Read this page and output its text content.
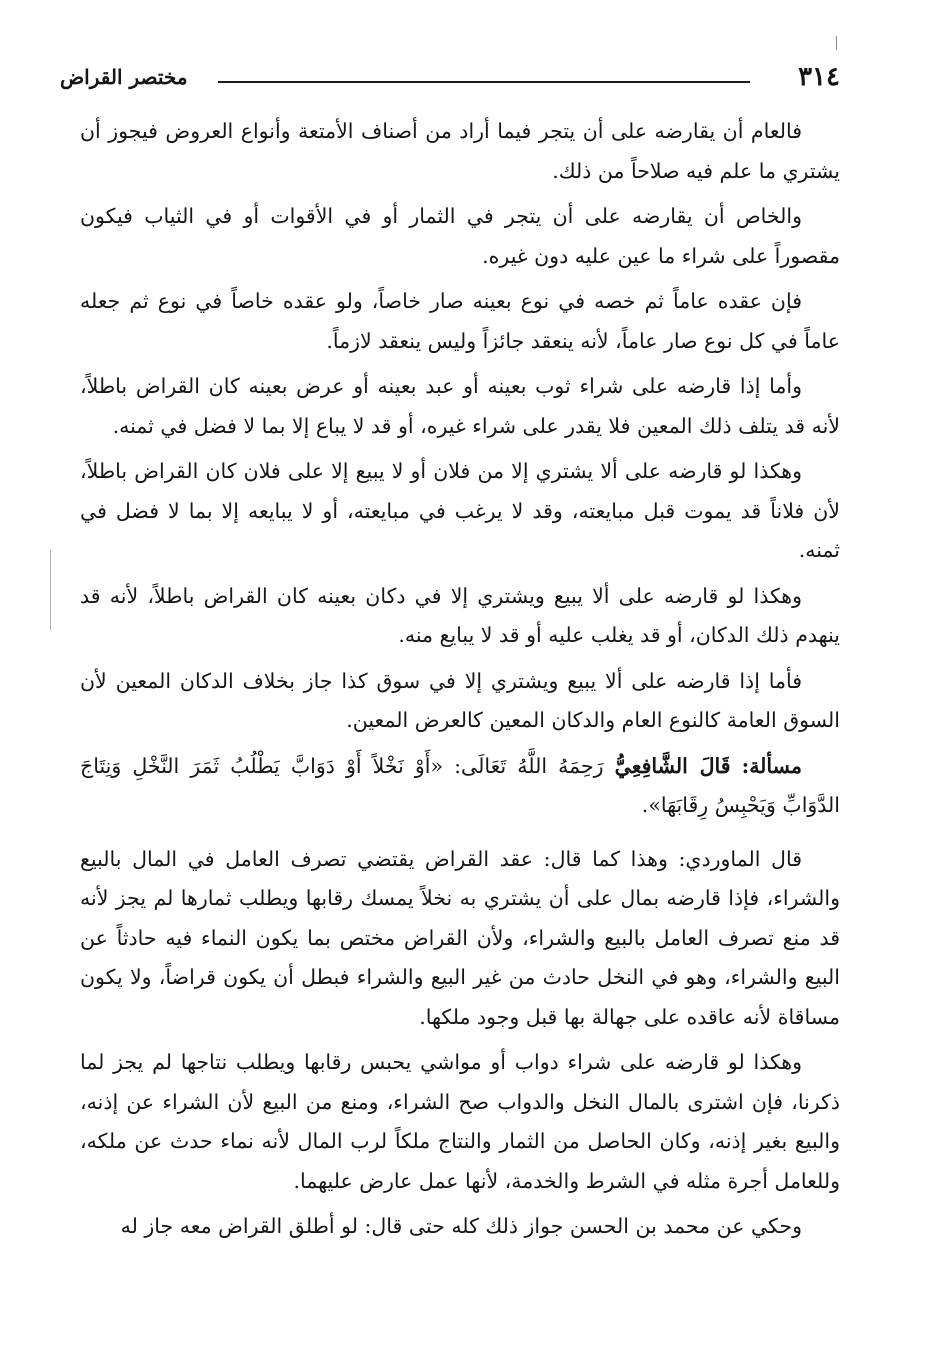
٣١٤
مختصر القراض

فالعام أن يقارضه على أن يتجر فيما أراد من أصناف الأمتعة وأنواع العروض فيجوز أن يشتري ما علم فيه صلاحاً من ذلك.

والخاص أن يقارضه على أن يتجر في الثمار أو في الأقوات أو في الثياب فيكون مقصوراً على شراء ما عين عليه دون غيره.

فإن عقده عاماً ثم خصه في نوع بعينه صار خاصاً، ولو عقده خاصاً في نوع ثم جعله عاماً في كل نوع صار عاماً، لأنه ينعقد جائزاً وليس ينعقد لازماً.

وأما إذا قارضه على شراء ثوب بعينه أو عبد بعينه أو عرض بعينه كان القراض باطلاً، لأنه قد يتلف ذلك المعين فلا يقدر على شراء غيره، أو قد لا يباع إلا بما لا فضل في ثمنه.

وهكذا لو قارضه على ألا يشتري إلا من فلان أو لا يبيع إلا على فلان كان القراض باطلاً، لأن فلاناً قد يموت قبل مبايعته، وقد لا يرغب في مبايعته، أو لا يبايعه إلا بما لا فضل في ثمنه.

وهكذا لو قارضه على ألا يبيع ويشتري إلا في دكان بعينه كان القراض باطلاً، لأنه قد ينهدم ذلك الدكان، أو قد يغلب عليه أو قد لا يبايع منه.

فأما إذا قارضه على ألا يبيع ويشتري إلا في سوق كذا جاز بخلاف الدكان المعين لأن السوق العامة كالنوع العام والدكان المعين كالعرض المعين.

مسألة: قَالَ الشَّافِعِيُّ رَحِمَهُ اللَّهُ تَعَالَى: «أَوْ نَخْلاً أَوْ دَوَابَّ يَطْلُبُ ثَمَرَ النَّخْلِ وَنِتَاجَ الدَّوَابِّ وَيَحْبِسُ رِقَابَهَا».

قال الماوردي: وهذا كما قال: عقد القراض يقتضي تصرف العامل في المال بالبيع والشراء، فإذا قارضه بمال على أن يشتري به نخلاً يمسك رقابها ويطلب ثمارها لم يجز لأنه قد منع تصرف العامل بالبيع والشراء، ولأن القراض مختص بما يكون النماء فيه حادثاً عن البيع والشراء، وهو في النخل حادث من غير البيع والشراء فبطل أن يكون قراضاً، ولا يكون مساقاة لأنه عاقده على جهالة بها قبل وجود ملكها.

وهكذا لو قارضه على شراء دواب أو مواشي يحبس رقابها ويطلب نتاجها لم يجز لما ذكرنا، فإن اشترى بالمال النخل والدواب صح الشراء، ومنع من البيع لأن الشراء عن إذنه، والبيع بغير إذنه، وكان الحاصل من الثمار والنتاج ملكاً لرب المال لأنه نماء حدث عن ملكه، وللعامل أجرة مثله في الشرط والخدمة، لأنها عمل عارض عليهما.

وحكي عن محمد بن الحسن جواز ذلك كله حتى قال: لو أطلق القراض معه جاز له
